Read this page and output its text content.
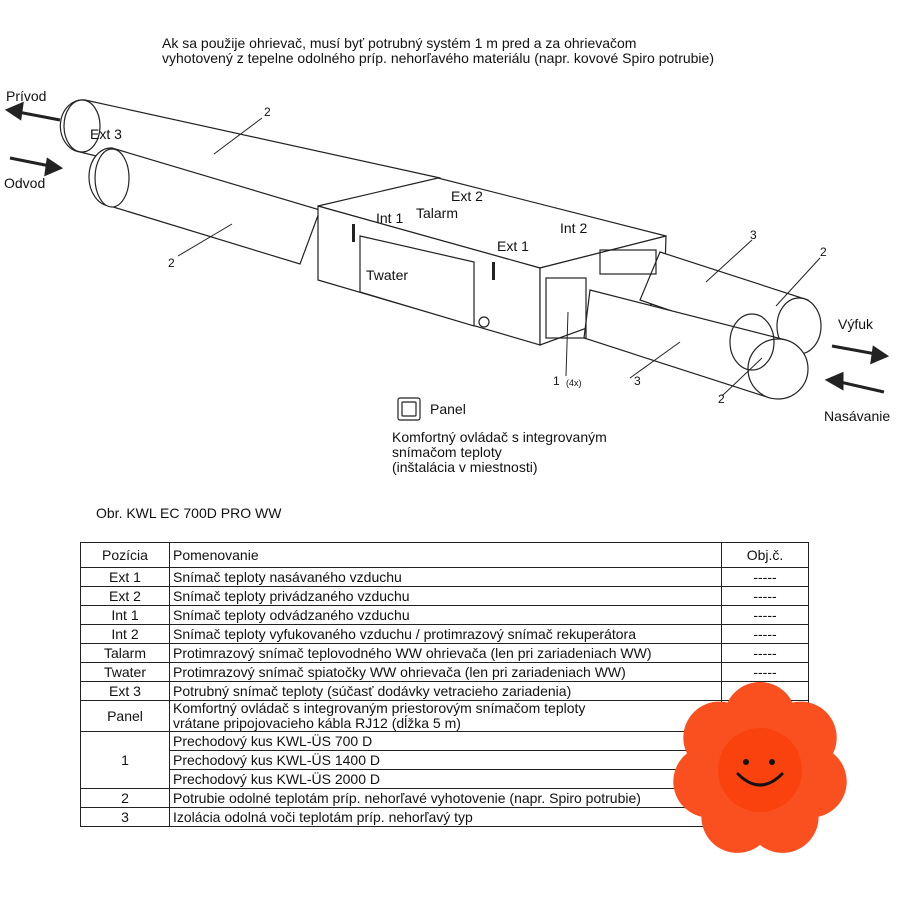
Ak sa použije ohrievač, musí byť potrubný systém 1 m pred a za ohrievačom
vyhotovený z tepelne odolného príp. nehorľavého materiálu (napr. kovové Spiro potrubie)
Prívod
Odvod
Výfuk
Nasávanie
Ext 3
Int 1 Talarm
Ext 2
Ext 1
Int 2
Twater
2
2
3
2
3
2
1 (4x)
Panel
Komfortný ovládač s integrovaným
snímačom teploty
(inštalácia v miestnosti)
Obr. KWL EC 700D PRO WW
Pozícia	Pomenovanie	Obj.č.
Ext 1	Snímač teploty nasávaného vzduchu	-----
Ext 2	Snímač teploty privádzaného vzduchu	-----
Int 1	Snímač teploty odvádzaného vzduchu	-----
Int 2	Snímač teploty vyfukovaného vzduchu / protimrazový snímač rekuperátora	-----
Talarm	Protimrazový snímač teplovodného WW ohrievača (len pri zariadeniach WW)	-----
Twater	Protimrazový snímač spiatočky WW ohrievača (len pri zariadeniach WW)	-----
Ext 3	Potrubný snímač teploty (súčasť dodávky vetracieho zariadenia)	
Panel	Komfortný ovládač s integrovaným priestorovým snímačom teploty
vrátane pripojovacieho kábla RJ12 (dĺžka 5 m)	
1	Prechodový kus KWL-ÜS 700 D	
	Prechodový kus KWL-ÜS 1400 D	
	Prechodový kus KWL-ÜS 2000 D	
2	Potrubie odolné teplotám príp. nehorľavé vyhotovenie (napr. Spiro potrubie)	
3	Izolácia odolná voči teplotám príp. nehorľavý typ	
